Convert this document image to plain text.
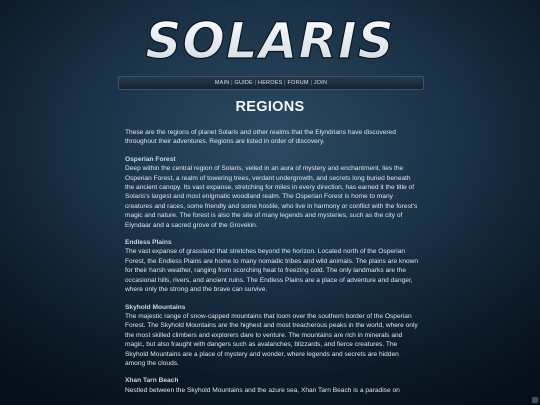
SOLARIS
MAIN | GUIDE | HEROES | FORUM | JOIN
REGIONS

These are the regions of planet Solaris and other realms that the Elyndrians have discovered throughout their adventures. Regions are listed in order of discovery.

Osperian Forest

Deep within the central region of Solaris, veiled in an aura of mystery and enchantment, lies the Osperian Forest, a realm of towering trees, verdant undergrowth, and secrets long buried beneath the ancient canopy. Its vast expanse, stretching for miles in every direction, has earned it the title of Solaris's largest and most enigmatic woodland realm. The Osperian Forest is home to many creatures and races, some friendly and some hostile, who live in harmony or conflict with the forest's magic and nature. The forest is also the site of many legends and mysteries, such as the city of Elyndaar and a sacred grove of the Grovekin.

Endless Plains

The vast expanse of grassland that stretches beyond the horizon. Located north of the Osperian Forest, the Endless Plains are home to many nomadic tribes and wild animals. The plains are known for their harsh weather, ranging from scorching heat to freezing cold. The only landmarks are the occasional hills, rivers, and ancient ruins. The Endless Plains are a place of adventure and danger, where only the strong and the brave can survive.

Skyhold Mountains

The majestic range of snow-capped mountains that loom over the southern border of the Osperian Forest. The Skyhold Mountains are the highest and most treacherous peaks in the world, where only the most skilled climbers and explorers dare to venture. The mountains are rich in minerals and magic, but also fraught with dangers such as avalanches, blizzards, and fierce creatures. The Skyhold Mountains are a place of mystery and wonder, where legends and secrets are hidden among the clouds.

Xhan Tarn Beach

Nestled between the Skyhold Mountains and the azure sea, Xhan Tarn Beach is a paradise on
